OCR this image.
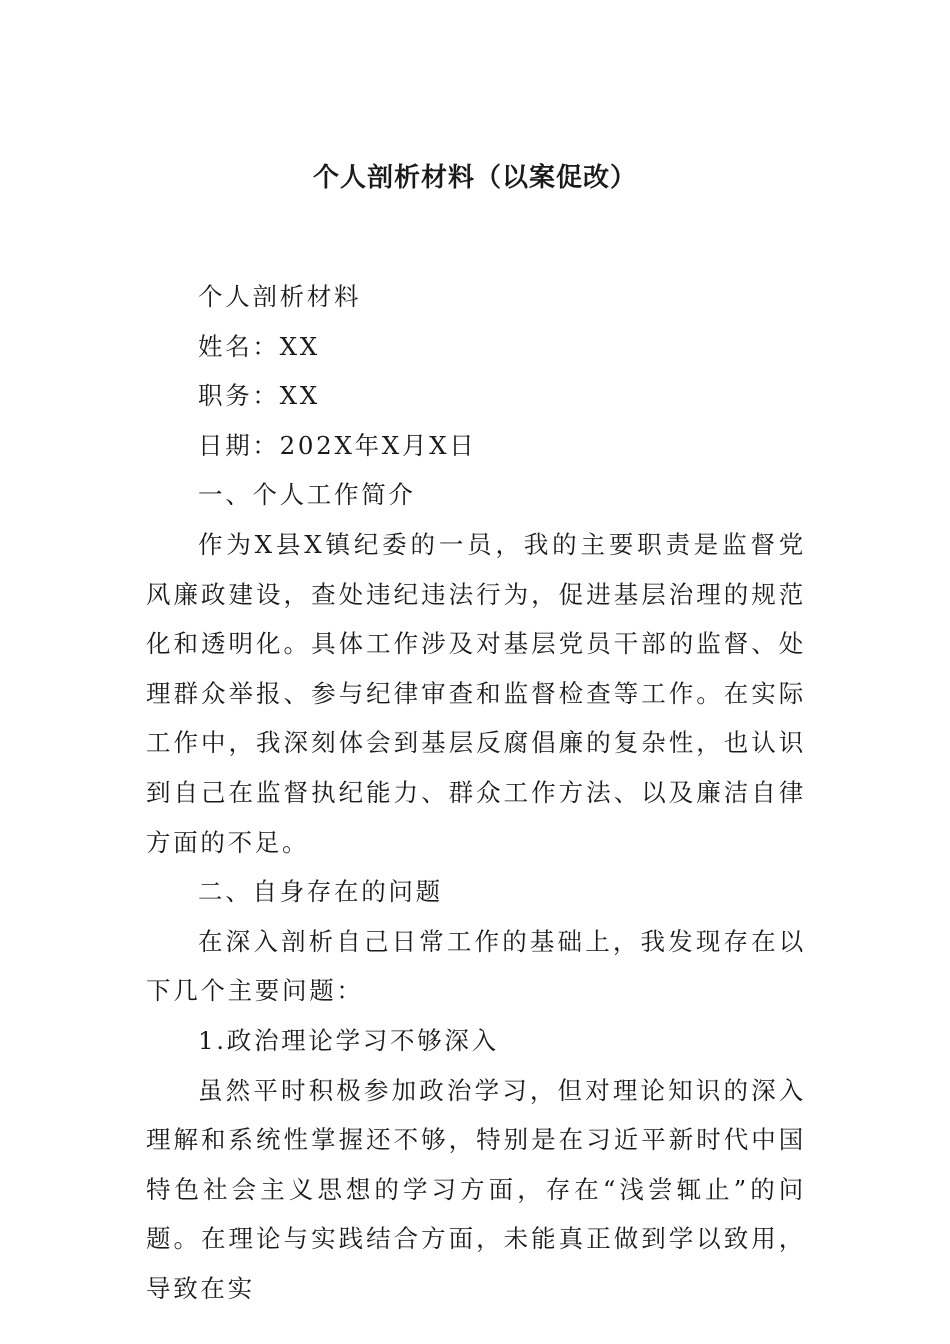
个人剖析材料（以案促改）

个人剖析材料

姓名：XX

职务：XX

日期：202X年X月X日

一、个人工作简介

作为X县X镇纪委的一员，我的主要职责是监督党风廉政建设，查处违纪违法行为，促进基层治理的规范化和透明化。具体工作涉及对基层党员干部的监督、处理群众举报、参与纪律审查和监督检查等工作。在实际工作中，我深刻体会到基层反腐倡廉的复杂性，也认识到自己在监督执纪能力、群众工作方法、以及廉洁自律方面的不足。

二、自身存在的问题

在深入剖析自己日常工作的基础上，我发现存在以下几个主要问题：

1.政治理论学习不够深入

虽然平时积极参加政治学习，但对理论知识的深入理解和系统性掌握还不够，特别是在习近平新时代中国特色社会主义思想的学习方面，存在“浅尝辄止”的问题。在理论与实践结合方面，未能真正做到学以致用，导致在实
